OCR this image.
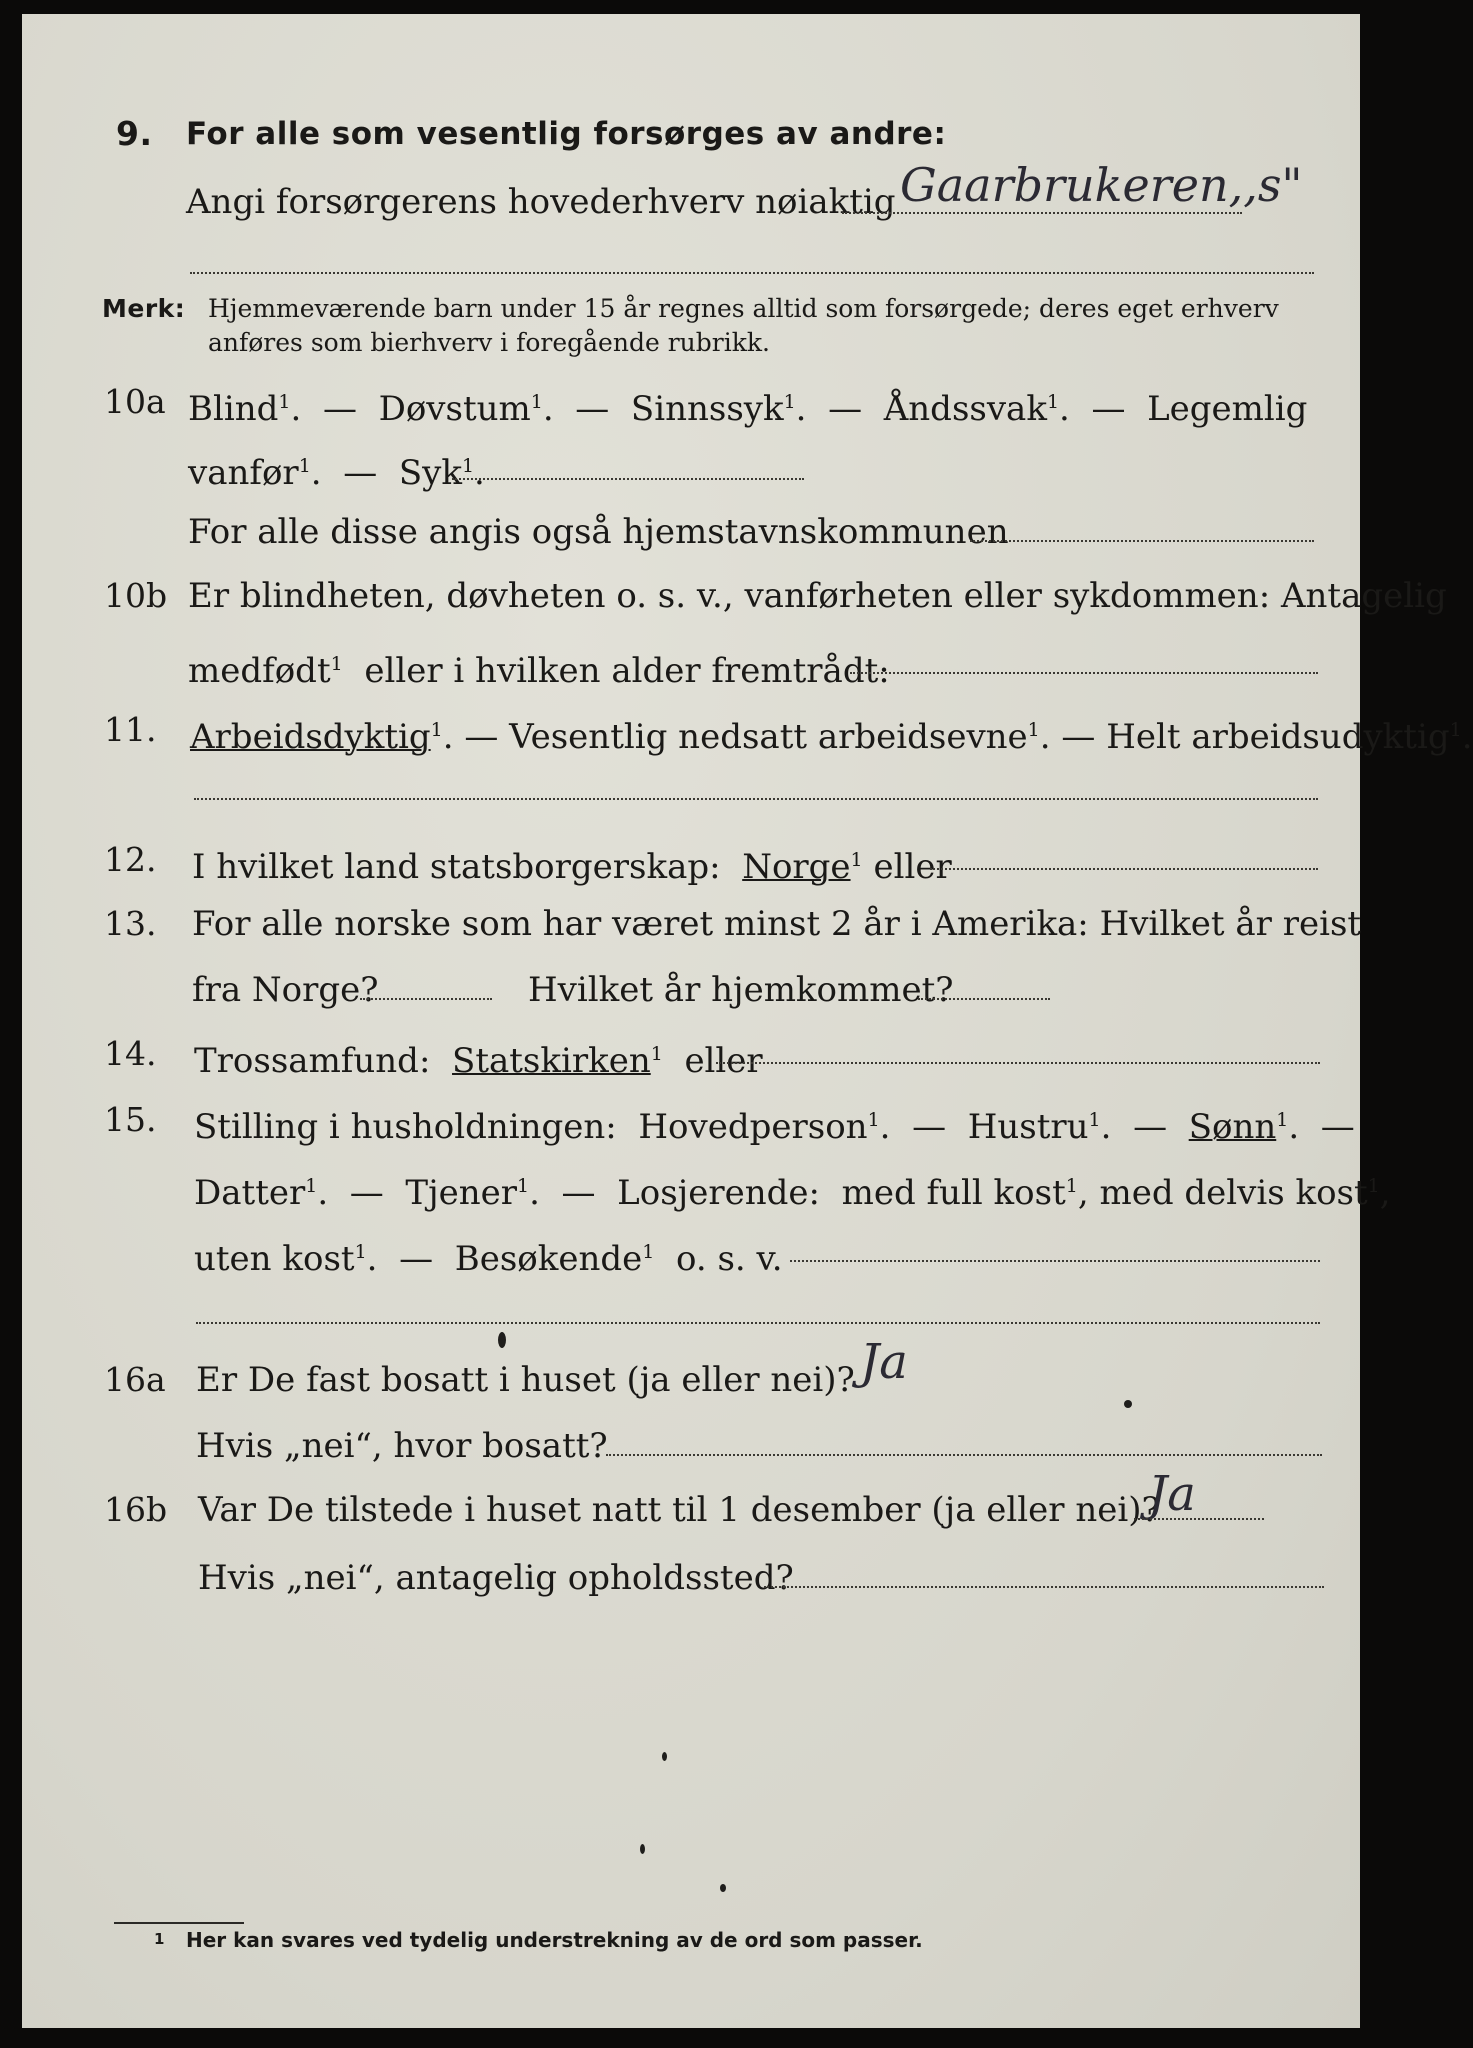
9. For alle som vesentlig forsørges av andre:
Angi forsørgerens hovederhverv nøiaktig Gaarbrukeren,,s"
Merk: Hjemmeværende barn under 15 år regnes alltid som forsørgede; deres eget erhverv
anføres som bierhverv i foregående rubrikk.
10a Blind$^1$.  — Døvstum$^1$.  — Sinnssyk$^1$.  — Åndssvak$^1$.  — Legemlig
vanfør$^1$.  — Syk$^1$.
For alle disse angis også hjemstavnskommunen
10b Er blindheten, døvheten o. s. v., vanførheten eller sykdommen: Antagelig
medfødt$^1$ eller i hvilken alder fremtrådt:
11. Arbeidsdyktig$^1$. — Vesentlig nedsatt arbeidsevne$^1$. — Helt arbeidsudyktig$^1$.
12. I hvilket land statsborgerskap: Norge$^1$ eller
13. For alle norske som har været minst 2 år i Amerika: Hvilket år reist
fra Norge?	Hvilket år hjemkommet?
14. Trossamfund: Statskirken$^1$ eller
15. Stilling i husholdningen: Hovedperson$^1$.  — Hustru$^1$.  — Sønn$^1$.  —
Datter$^1$.  — Tjener$^1$.  — Losjerende: med full kost$^1$, med delvis kost$^1$,
uten kost$^1$.  — Besøkende$^1$ o. s. v.
16a Er De fast bosatt i huset (ja eller nei)? Ja
Hvis „nei“, hvor bosatt?
16b Var De tilstede i huset natt til 1 desember (ja eller nei)?
Ja
Hvis „nei“, antagelig opholdssted?
1 Her kan svares ved tydelig understrekning av de ord som passer.
